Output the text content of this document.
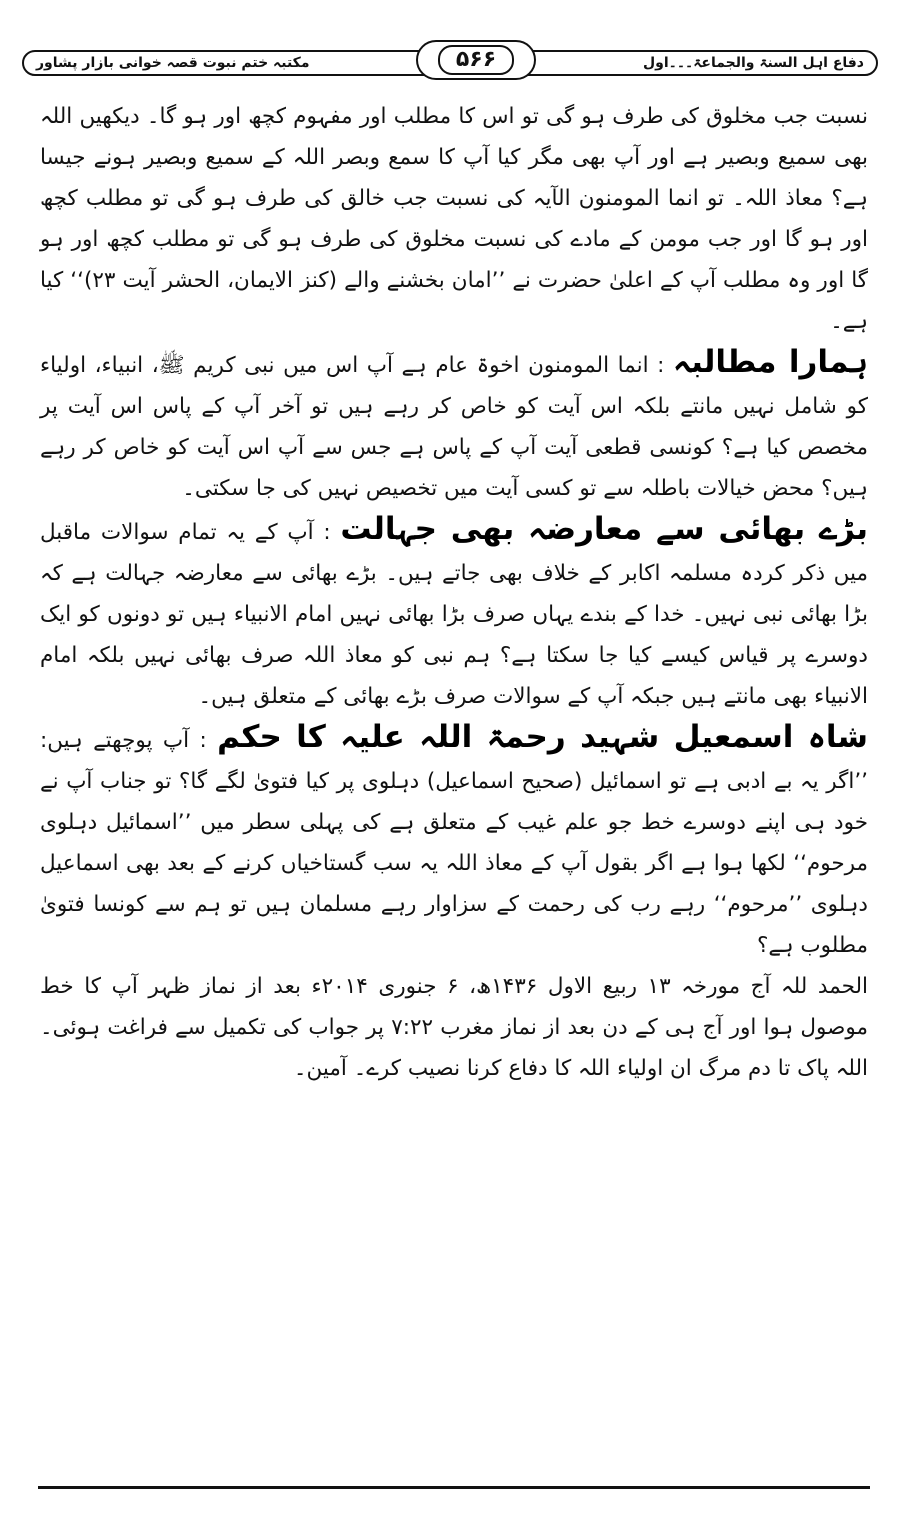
دفاع اہل السنۃ والجماعۃ۔۔۔اول
مکتبہ ختم نبوت قصہ خوانی بازار پشاور	۵۶۶

نسبت جب مخلوق کی طرف ہو گی تو اس کا مطلب اور مفہوم کچھ اور ہو گا۔ دیکھیں اللہ بھی سمیع وبصیر ہے اور آپ بھی مگر کیا آپ کا سمع وبصر اللہ کے سمیع وبصیر ہونے جیسا ہے؟ معاذ اللہ۔ تو انما المومنون الآیہ کی نسبت جب خالق کی طرف ہو گی تو مطلب کچھ اور ہو گا اور جب مومن کے مادے کی نسبت مخلوق کی طرف ہو گی تو مطلب کچھ اور ہو گا اور وہ مطلب آپ کے اعلیٰ حضرت نے ’’امان بخشنے والے (کنز الایمان، الحشر آیت ۲۳)‘‘ کیا ہے۔

ہمارا مطالبہ : انما المومنون اخوۃ عام ہے آپ اس میں نبی کریم ﷺ، انبیاء، اولیاء کو شامل نہیں مانتے بلکہ اس آیت کو خاص کر رہے ہیں تو آخر آپ کے پاس اس آیت پر مخصص کیا ہے؟ کونسی قطعی آیت آپ کے پاس ہے جس سے آپ اس آیت کو خاص کر رہے ہیں؟ محض خیالات باطلہ سے تو کسی آیت میں تخصیص نہیں کی جا سکتی۔

بڑے بھائی سے معارضہ بھی جہالت : آپ کے یہ تمام سوالات ماقبل میں ذکر کردہ مسلمہ اکابر کے خلاف بھی جاتے ہیں۔ بڑے بھائی سے معارضہ جہالت ہے کہ بڑا بھائی نبی نہیں۔ خدا کے بندے یہاں صرف بڑا بھائی نہیں امام الانبیاء ہیں تو دونوں کو ایک دوسرے پر قیاس کیسے کیا جا سکتا ہے؟ ہم نبی کو معاذ اللہ صرف بھائی نہیں بلکہ امام الانبیاء بھی مانتے ہیں جبکہ آپ کے سوالات صرف بڑے بھائی کے متعلق ہیں۔

شاہ اسمعیل شہید رحمۃ اللہ علیہ کا حکم : آپ پوچھتے ہیں: ’’اگر یہ بے ادبی ہے تو اسمائیل (صحیح اسماعیل) دہلوی پر کیا فتویٰ لگے گا؟ تو جناب آپ نے خود ہی اپنے دوسرے خط جو علم غیب کے متعلق ہے کی پہلی سطر میں ’’اسمائیل دہلوی مرحوم‘‘ لکھا ہوا ہے اگر بقول آپ کے معاذ اللہ یہ سب گستاخیاں کرنے کے بعد بھی اسماعیل دہلوی ’’مرحوم‘‘ رہے رب کی رحمت کے سزاوار رہے مسلمان ہیں تو ہم سے کونسا فتویٰ مطلوب ہے؟

الحمد للہ آج مورخہ ۱۳ ربیع الاول ۱۴۳۶ھ، ۶ جنوری ۲۰۱۴ء بعد از نماز ظہر آپ کا خط موصول ہوا اور آج ہی کے دن بعد از نماز مغرب ۷:۲۲ پر جواب کی تکمیل سے فراغت ہوئی۔ اللہ پاک تا دم مرگ ان اولیاء اللہ کا دفاع کرنا نصیب کرے۔ آمین۔
